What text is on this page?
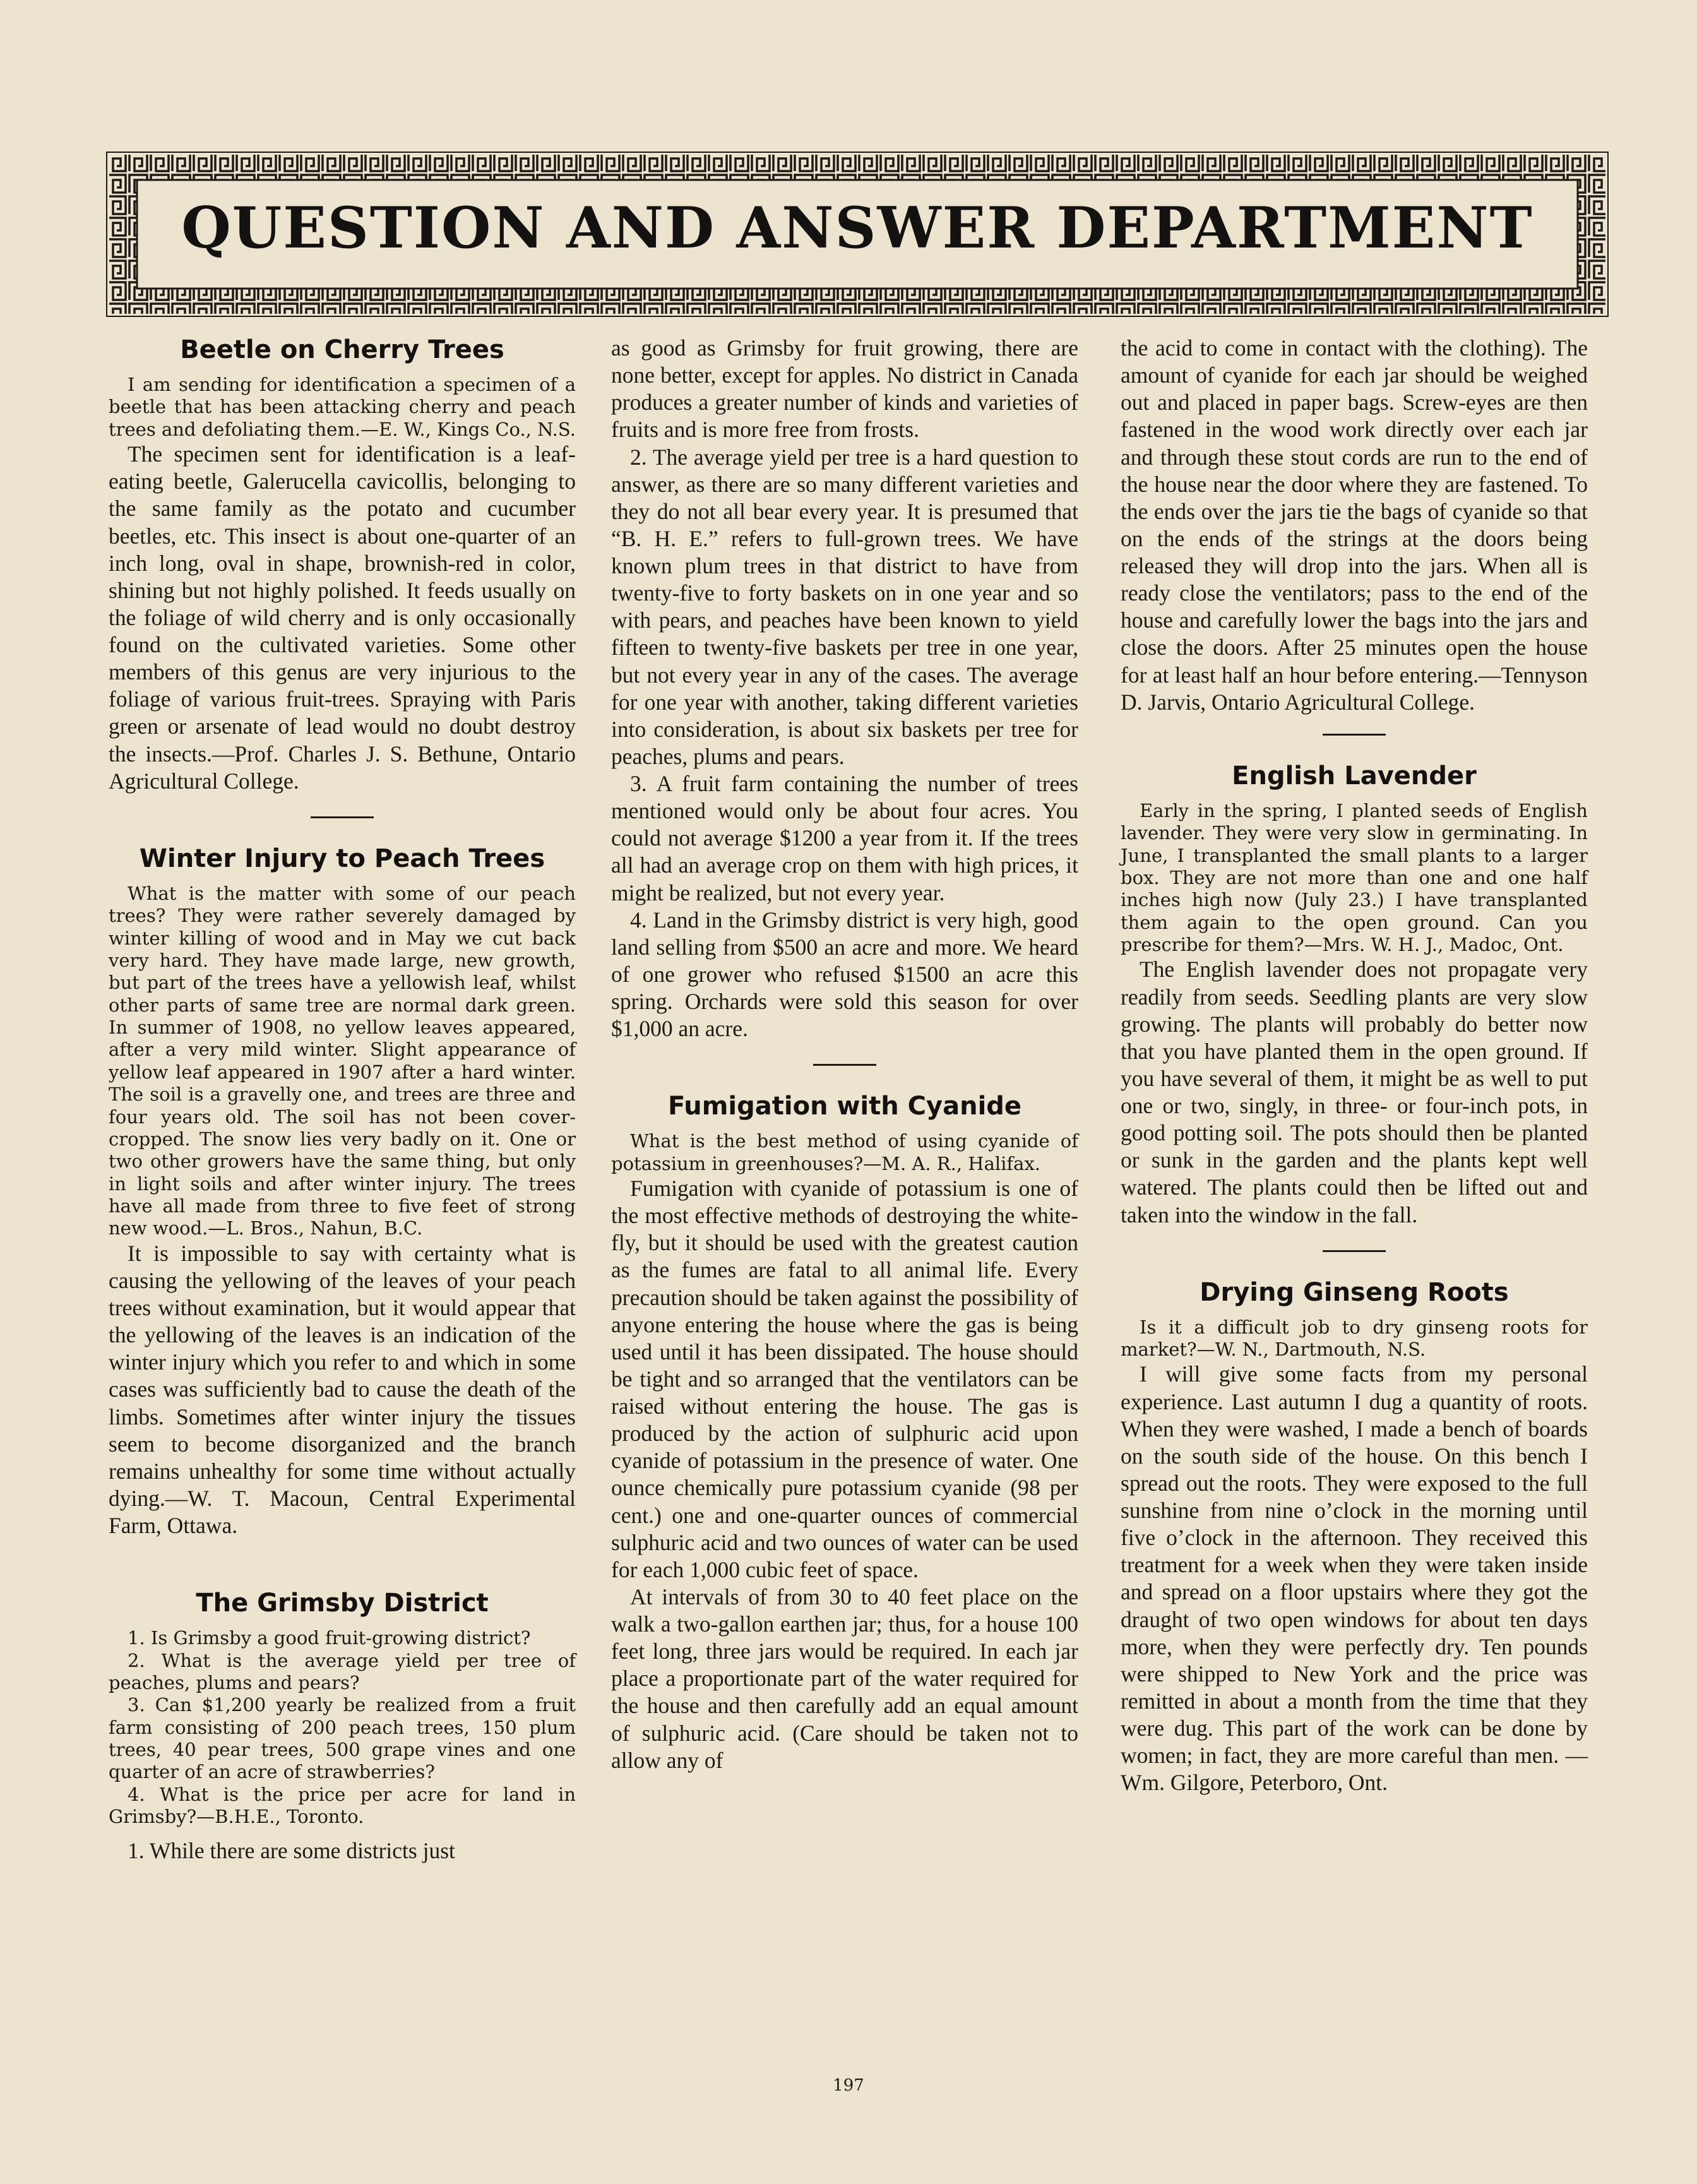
QUESTION AND ANSWER DEPARTMENT
Beetle on Cherry Trees

I am sending for identification a specimen of a beetle that has been attacking cherry and peach trees and defoliating them.—E. W., Kings Co., N.S.

The specimen sent for identification is a leaf-eating beetle, Galerucella cavicollis, belonging to the same family as the potato and cucumber beetles, etc. This insect is about one-quarter of an inch long, oval in shape, brownish-red in color, shining but not highly polished. It feeds usually on the foliage of wild cherry and is only occasionally found on the cultivated varieties. Some other members of this genus are very injurious to the foliage of various fruit-trees. Spraying with Paris green or arsenate of lead would no doubt destroy the insects.—Prof. Charles J. S. Bethune, Ontario Agricultural College.

Winter Injury to Peach Trees

What is the matter with some of our peach trees? They were rather severely damaged by winter killing of wood and in May we cut back very hard. They have made large, new growth, but part of the trees have a yellowish leaf, whilst other parts of same tree are normal dark green. In summer of 1908, no yellow leaves appeared, after a very mild winter. Slight appearance of yellow leaf appeared in 1907 after a hard winter. The soil is a gravelly one, and trees are three and four years old. The soil has not been cover-cropped. The snow lies very badly on it. One or two other growers have the same thing, but only in light soils and after winter injury. The trees have all made from three to five feet of strong new wood.—L. Bros., Nahun, B.C.

It is impossible to say with certainty what is causing the yellowing of the leaves of your peach trees without examination, but it would appear that the yellowing of the leaves is an indication of the winter injury which you refer to and which in some cases was sufficiently bad to cause the death of the limbs. Sometimes after winter injury the tissues seem to become disorganized and the branch remains unhealthy for some time without actually dying.—W. T. Macoun, Central Experimental Farm, Ottawa.

The Grimsby District

1. Is Grimsby a good fruit-growing district?

2. What is the average yield per tree of peaches, plums and pears?

3. Can $1,200 yearly be realized from a fruit farm consisting of 200 peach trees, 150 plum trees, 40 pear trees, 500 grape vines and one quarter of an acre of strawberries?

4. What is the price per acre for land in Grimsby?—B.H.E., Toronto.

1. While there are some districts just

as good as Grimsby for fruit growing, there are none better, except for apples. No district in Canada produces a greater number of kinds and varieties of fruits and is more free from frosts.

2. The average yield per tree is a hard question to answer, as there are so many different varieties and they do not all bear every year. It is presumed that “B. H. E.” refers to full-grown trees. We have known plum trees in that district to have from twenty-five to forty baskets on in one year and so with pears, and peaches have been known to yield fifteen to twenty-five baskets per tree in one year, but not every year in any of the cases. The average for one year with another, taking different varieties into consideration, is about six baskets per tree for peaches, plums and pears.

3. A fruit farm containing the number of trees mentioned would only be about four acres. You could not average $1200 a year from it. If the trees all had an average crop on them with high prices, it might be realized, but not every year.

4. Land in the Grimsby district is very high, good land selling from $500 an acre and more. We heard of one grower who refused $1500 an acre this spring. Orchards were sold this season for over $1,000 an acre.

Fumigation with Cyanide

What is the best method of using cyanide of potassium in greenhouses?—M. A. R., Halifax.

Fumigation with cyanide of potassium is one of the most effective methods of destroying the white-fly, but it should be used with the greatest caution as the fumes are fatal to all animal life. Every precaution should be taken against the possibility of anyone entering the house where the gas is being used until it has been dissipated. The house should be tight and so arranged that the ventilators can be raised without entering the house. The gas is produced by the action of sulphuric acid upon cyanide of potassium in the presence of water. One ounce chemically pure potassium cyanide (98 per cent.) one and one-quarter ounces of commercial sulphuric acid and two ounces of water can be used for each 1,000 cubic feet of space.

At intervals of from 30 to 40 feet place on the walk a two-gallon earthen jar; thus, for a house 100 feet long, three jars would be required. In each jar place a proportionate part of the water required for the house and then carefully add an equal amount of sulphuric acid. (Care should be taken not to allow any of

the acid to come in contact with the clothing). The amount of cyanide for each jar should be weighed out and placed in paper bags. Screw-eyes are then fastened in the wood work directly over each jar and through these stout cords are run to the end of the house near the door where they are fastened. To the ends over the jars tie the bags of cyanide so that on the ends of the strings at the doors being released they will drop into the jars. When all is ready close the ventilators; pass to the end of the house and carefully lower the bags into the jars and close the doors. After 25 minutes open the house for at least half an hour before entering.—Tennyson D. Jarvis, Ontario Agricultural College.

English Lavender

Early in the spring, I planted seeds of English lavender. They were very slow in germinating. In June, I transplanted the small plants to a larger box. They are not more than one and one half inches high now (July 23.) I have transplanted them again to the open ground. Can you prescribe for them?—Mrs. W. H. J., Madoc, Ont.

The English lavender does not propagate very readily from seeds. Seedling plants are very slow growing. The plants will probably do better now that you have planted them in the open ground. If you have several of them, it might be as well to put one or two, singly, in three- or four-inch pots, in good potting soil. The pots should then be planted or sunk in the garden and the plants kept well watered. The plants could then be lifted out and taken into the window in the fall.

Drying Ginseng Roots

Is it a difficult job to dry ginseng roots for market?—W. N., Dartmouth, N.S.

I will give some facts from my personal experience. Last autumn I dug a quantity of roots. When they were washed, I made a bench of boards on the south side of the house. On this bench I spread out the roots. They were exposed to the full sunshine from nine o’clock in the morning until five o’clock in the afternoon. They received this treatment for a week when they were taken inside and spread on a floor upstairs where they got the draught of two open windows for about ten days more, when they were perfectly dry. Ten pounds were shipped to New York and the price was remitted in about a month from the time that they were dug. This part of the work can be done by women; in fact, they are more careful than men. —Wm. Gilgore, Peterboro, Ont.

197
